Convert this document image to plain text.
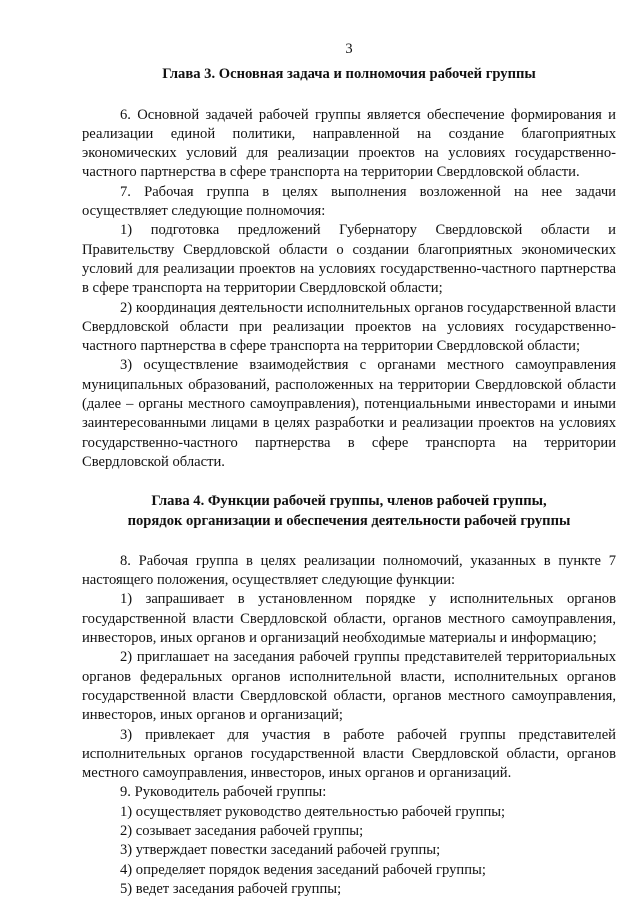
3
Глава 3. Основная задача и полномочия рабочей группы

6. Основной задачей рабочей группы является обеспечение формирования и реализации единой политики, направленной на создание благоприятных экономических условий для реализации проектов на условиях государственно-частного партнерства в сфере транспорта на территории Свердловской области.

7. Рабочая группа в целях выполнения возложенной на нее задачи осуществляет следующие полномочия:

1) подготовка предложений Губернатору Свердловской области и Правительству Свердловской области о создании благоприятных экономических условий для реализации проектов на условиях государственно-частного партнерства в сфере транспорта на территории Свердловской области;

2) координация деятельности исполнительных органов государственной власти Свердловской области при реализации проектов на условиях государственно-частного партнерства в сфере транспорта на территории Свердловской области;

3) осуществление взаимодействия с органами местного самоуправления муниципальных образований, расположенных на территории Свердловской области (далее – органы местного самоуправления), потенциальными инвесторами и иными заинтересованными лицами в целях разработки и реализации проектов на условиях государственно-частного партнерства в сфере транспорта на территории Свердловской области.

Глава 4. Функции рабочей группы, членов рабочей группы,
порядок организации и обеспечения деятельности рабочей группы

8. Рабочая группа в целях реализации полномочий, указанных в пункте 7 настоящего положения, осуществляет следующие функции:

1) запрашивает в установленном порядке у исполнительных органов государственной власти Свердловской области, органов местного самоуправления, инвесторов, иных органов и организаций необходимые материалы и информацию;

2) приглашает на заседания рабочей группы представителей территориальных органов федеральных органов исполнительной власти, исполнительных органов государственной власти Свердловской области, органов местного самоуправления, инвесторов, иных органов и организаций;

3) привлекает для участия в работе рабочей группы представителей исполнительных органов государственной власти Свердловской области, органов местного самоуправления, инвесторов, иных органов и организаций.

9. Руководитель рабочей группы:

1) осуществляет руководство деятельностью рабочей группы;

2) созывает заседания рабочей группы;

3) утверждает повестки заседаний рабочей группы;

4) определяет порядок ведения заседаний рабочей группы;

5) ведет заседания рабочей группы;
